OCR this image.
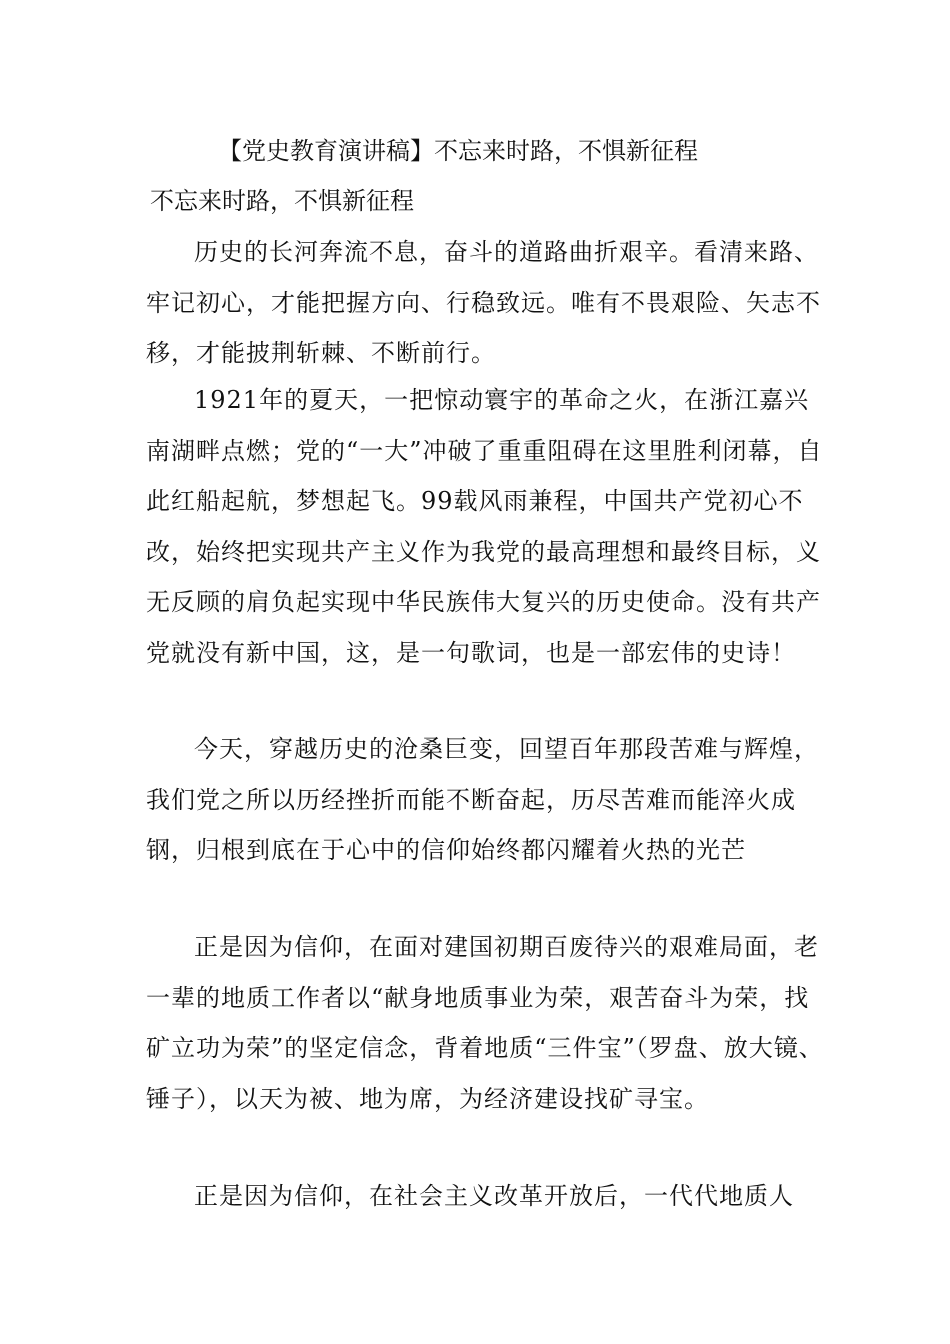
【党史教育演讲稿】不忘来时路，不惧新征程
不忘来时路，不惧新征程

历史的长河奔流不息，奋斗的道路曲折艰辛。看清来路、牢记初心，才能把握方向、行稳致远。唯有不畏艰险、矢志不移，才能披荆斩棘、不断前行。

1921年的夏天，一把惊动寰宇的革命之火，在浙江嘉兴南湖畔点燃；党的“一大”冲破了重重阻碍在这里胜利闭幕，自此红船起航，梦想起飞。99载风雨兼程，中国共产党初心不改，始终把实现共产主义作为我党的最高理想和最终目标，义无反顾的肩负起实现中华民族伟大复兴的历史使命。没有共产党就没有新中国，这，是一句歌词，也是一部宏伟的史诗！

今天，穿越历史的沧桑巨变，回望百年那段苦难与辉煌，我们党之所以历经挫折而能不断奋起，历尽苦难而能淬火成钢，归根到底在于心中的信仰始终都闪耀着火热的光芒

正是因为信仰，在面对建国初期百废待兴的艰难局面，老一辈的地质工作者以“献身地质事业为荣，艰苦奋斗为荣，找矿立功为荣”的坚定信念，背着地质“三件宝”（罗盘、放大镜、锤子），以天为被、地为席，为经济建设找矿寻宝。

正是因为信仰，在社会主义改革开放后，一代代地质人
